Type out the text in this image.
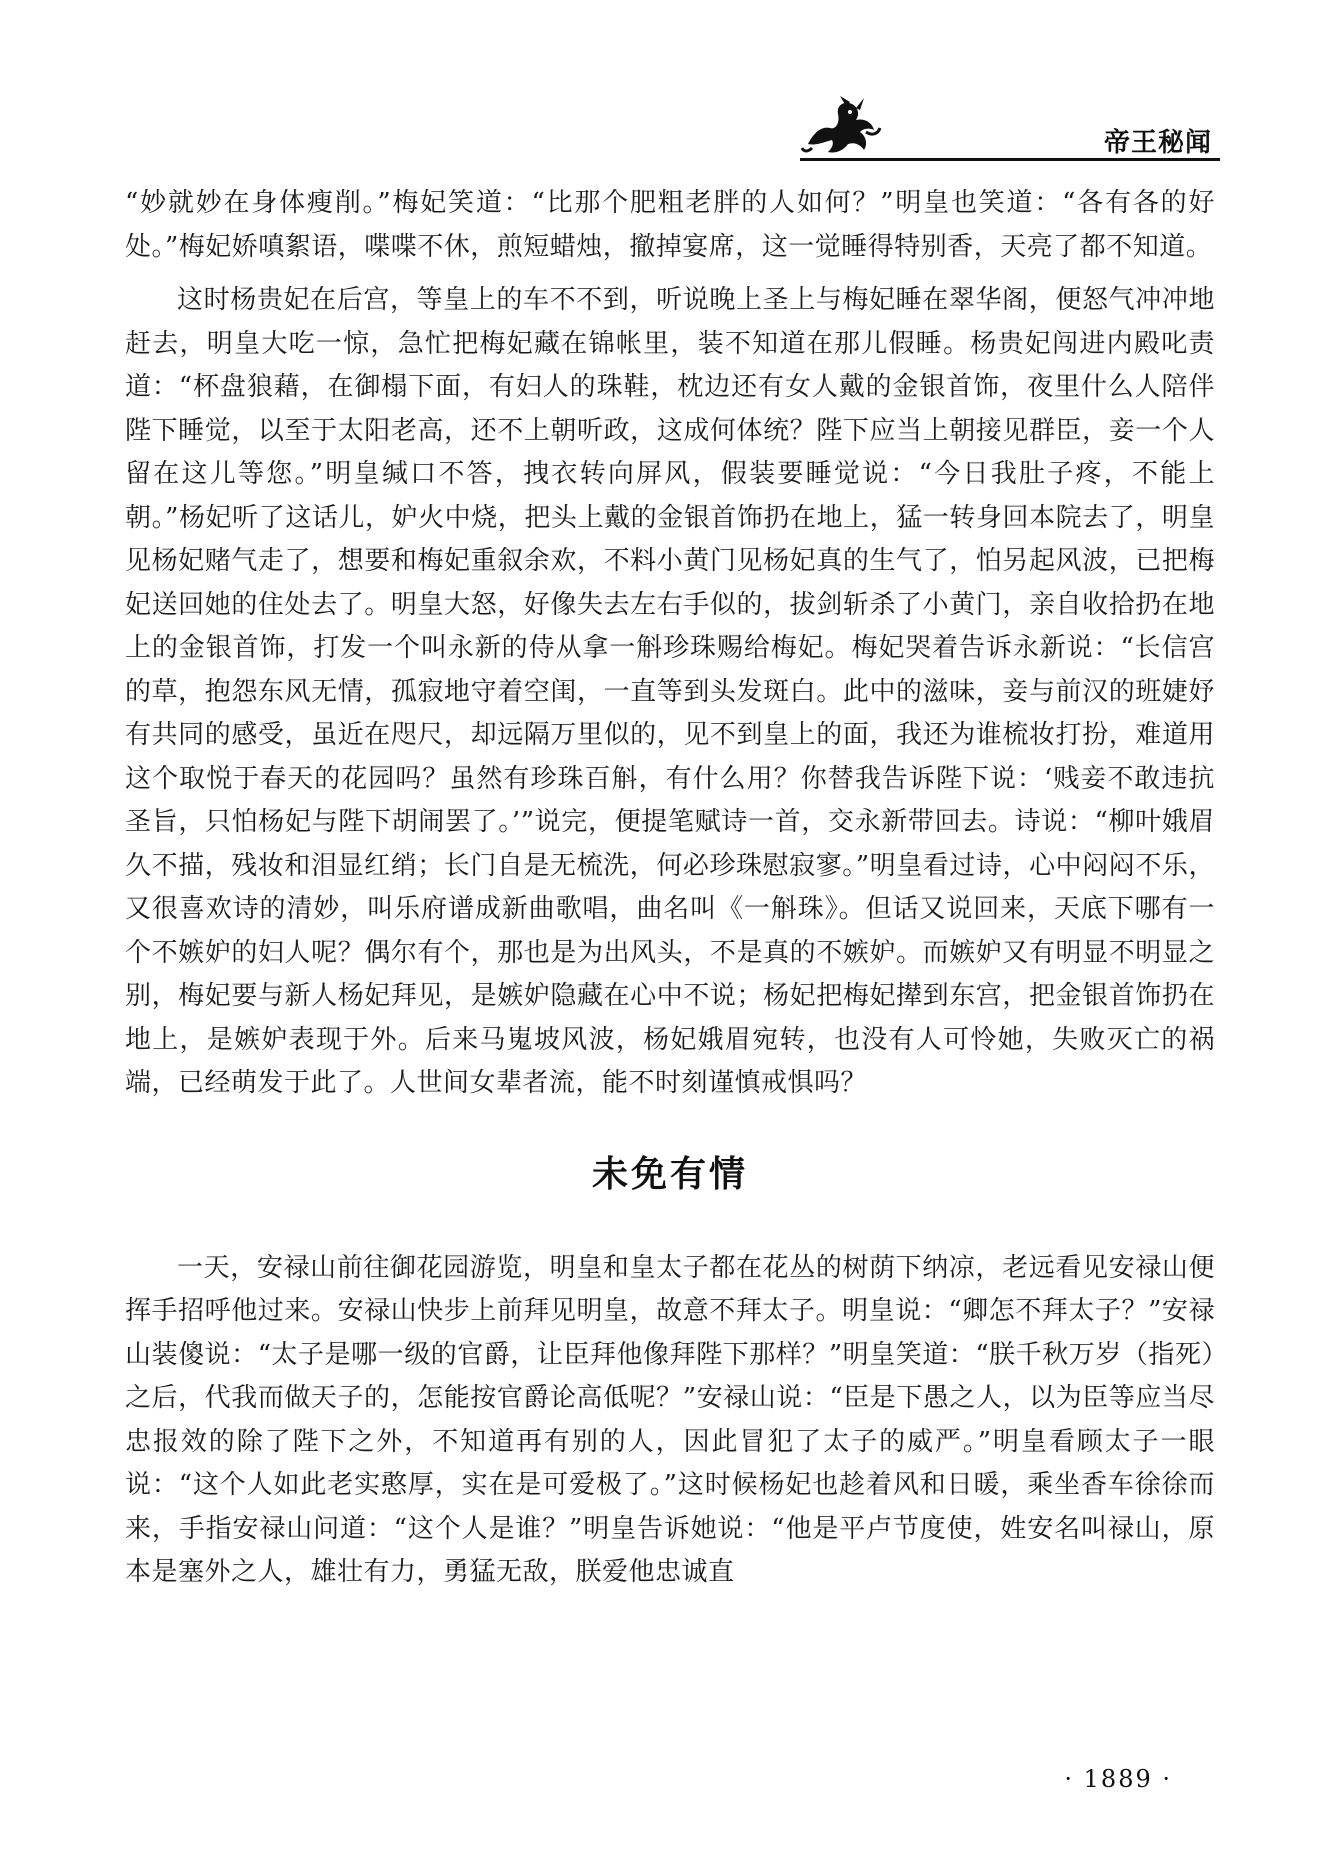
帝王秘闻

“妙就妙在身体瘦削。”梅妃笑道：“比那个肥粗老胖的人如何？”明皇也笑道：“各有各的好处。”梅妃娇嗔絮语，喋喋不休，煎短蜡烛，撤掉宴席，这一觉睡得特别香，天亮了都不知道。

这时杨贵妃在后宫，等皇上的车不不到，听说晚上圣上与梅妃睡在翠华阁，便怒气冲冲地赶去，明皇大吃一惊，急忙把梅妃藏在锦帐里，装不知道在那儿假睡。杨贵妃闯进内殿叱责道：“杯盘狼藉，在御榻下面，有妇人的珠鞋，枕边还有女人戴的金银首饰，夜里什么人陪伴陛下睡觉，以至于太阳老高，还不上朝听政，这成何体统？陛下应当上朝接见群臣，妾一个人留在这儿等您。”明皇缄口不答，拽衣转向屏风，假装要睡觉说：“今日我肚子疼，不能上朝。”杨妃听了这话儿，妒火中烧，把头上戴的金银首饰扔在地上，猛一转身回本院去了，明皇见杨妃赌气走了，想要和梅妃重叙余欢，不料小黄门见杨妃真的生气了，怕另起风波，已把梅妃送回她的住处去了。明皇大怒，好像失去左右手似的，拔剑斩杀了小黄门，亲自收拾扔在地上的金银首饰，打发一个叫永新的侍从拿一斛珍珠赐给梅妃。梅妃哭着告诉永新说：“长信宫的草，抱怨东风无情，孤寂地守着空闺，一直等到头发斑白。此中的滋味，妾与前汉的班婕妤有共同的感受，虽近在咫尺，却远隔万里似的，见不到皇上的面，我还为谁梳妆打扮，难道用这个取悦于春天的花园吗？虽然有珍珠百斛，有什么用？你替我告诉陛下说：‘贱妾不敢违抗圣旨，只怕杨妃与陛下胡闹罢了。’”说完，便提笔赋诗一首，交永新带回去。诗说：“柳叶娥眉久不描，残妆和泪显红绡；长门自是无梳洗，何必珍珠慰寂寥。”明皇看过诗，心中闷闷不乐，又很喜欢诗的清妙，叫乐府谱成新曲歌唱，曲名叫《一斛珠》。但话又说回来，天底下哪有一个不嫉妒的妇人呢？偶尔有个，那也是为出风头，不是真的不嫉妒。而嫉妒又有明显不明显之别，梅妃要与新人杨妃拜见，是嫉妒隐藏在心中不说；杨妃把梅妃撵到东宫，把金银首饰扔在地上，是嫉妒表现于外。后来马嵬坡风波，杨妃娥眉宛转，也没有人可怜她，失败灭亡的祸端，已经萌发于此了。人世间女辈者流，能不时刻谨慎戒惧吗？

未免有情

一天，安禄山前往御花园游览，明皇和皇太子都在花丛的树荫下纳凉，老远看见安禄山便挥手招呼他过来。安禄山快步上前拜见明皇，故意不拜太子。明皇说：“卿怎不拜太子？”安禄山装傻说：“太子是哪一级的官爵，让臣拜他像拜陛下那样？”明皇笑道：“朕千秋万岁（指死）之后，代我而做天子的，怎能按官爵论高低呢？”安禄山说：“臣是下愚之人，以为臣等应当尽忠报效的除了陛下之外，不知道再有别的人，因此冒犯了太子的威严。”明皇看顾太子一眼说：“这个人如此老实憨厚，实在是可爱极了。”这时候杨妃也趁着风和日暖，乘坐香车徐徐而来，手指安禄山问道：“这个人是谁？”明皇告诉她说：“他是平卢节度使，姓安名叫禄山，原本是塞外之人，雄壮有力，勇猛无敌，朕爱他忠诚直

· 1889 ·
